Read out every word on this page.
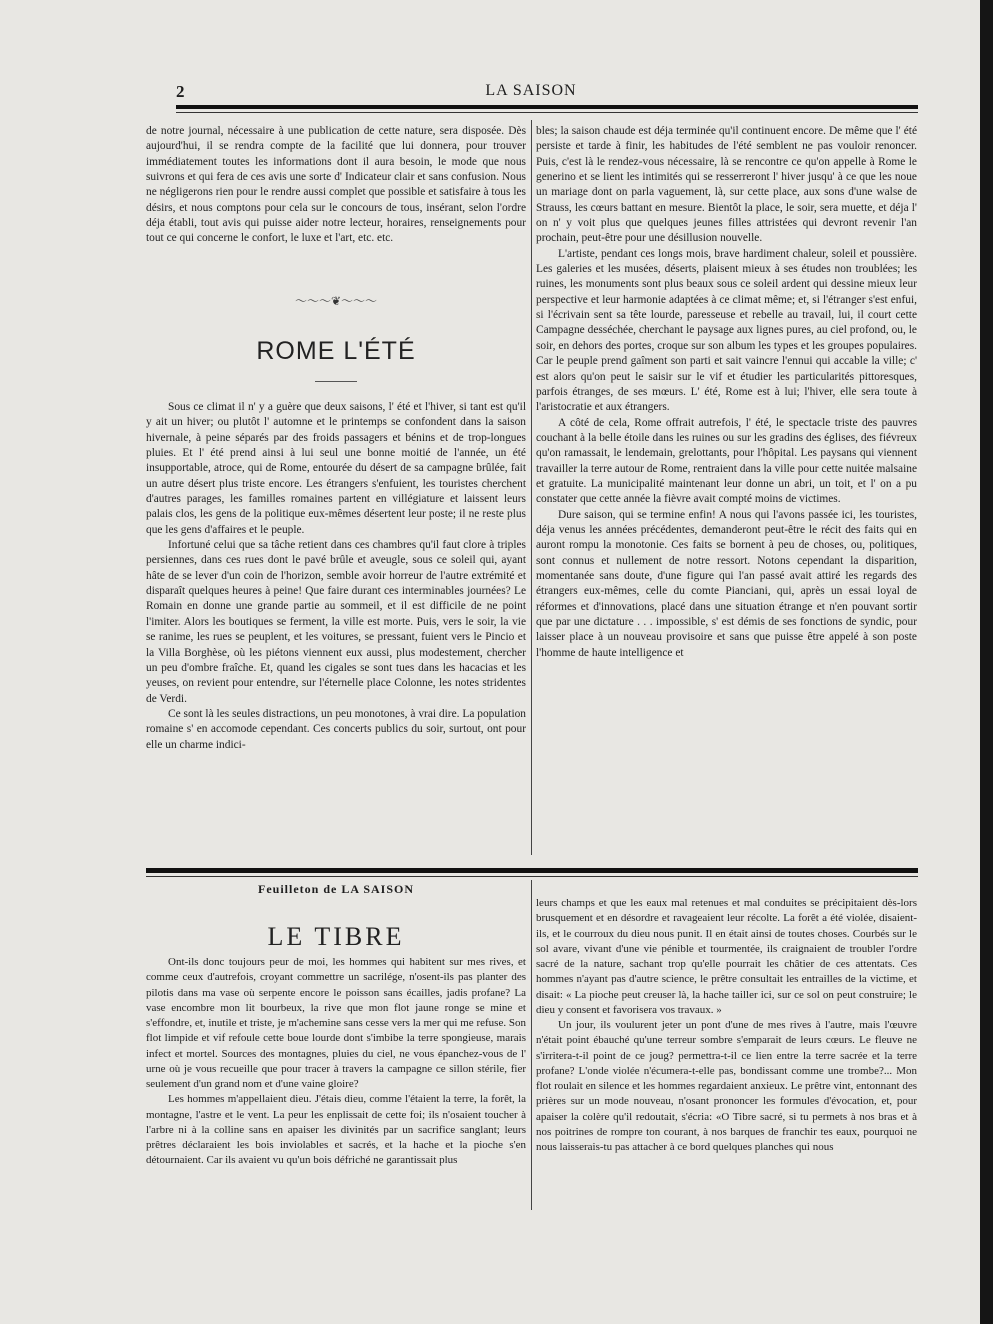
2	LA SAISON

de notre journal, nécessaire à une publication de cette nature, sera disposée. Dès aujourd'hui, il se rendra compte de la facilité que lui donnera, pour trouver immédiatement toutes les informations dont il aura besoin, le mode que nous suivrons et qui fera de ces avis une sorte d' Indicateur clair et sans confusion. Nous ne négligerons rien pour le rendre aussi complet que possible et satisfaire à tous les désirs, et nous comptons pour cela sur le concours de tous, insérant, selon l'ordre déja établi, tout avis qui puisse aider notre lecteur, horaires, renseignements pour tout ce qui concerne le confort, le luxe et l'art, etc. etc.

〜〜〜❦〜〜〜
ROME L'ÉTÉ

Sous ce climat il n' y a guère que deux saisons, l' été et l'hiver, si tant est qu'il y ait un hiver; ou plutôt l' automne et le printemps se confondent dans la saison hivernale, à peine séparés par des froids passagers et bénins et de trop-longues pluies. Et l' été prend ainsi à lui seul une bonne moitié de l'année, un été insupportable, atroce, qui de Rome, entourée du désert de sa campagne brûlée, fait un autre désert plus triste encore. Les étrangers s'enfuient, les touristes cherchent d'autres parages, les familles romaines partent en villégiature et laissent leurs palais clos, les gens de la politique eux-mêmes désertent leur poste; il ne reste plus que les gens d'affaires et le peuple.

Infortuné celui que sa tâche retient dans ces chambres qu'il faut clore à triples persiennes, dans ces rues dont le pavé brûle et aveugle, sous ce soleil qui, ayant hâte de se lever d'un coin de l'horizon, semble avoir horreur de l'autre extrémité et disparaît quelques heures à peine! Que faire durant ces interminables journées? Le Romain en donne une grande partie au sommeil, et il est difficile de ne point l'imiter. Alors les boutiques se ferment, la ville est morte. Puis, vers le soir, la vie se ranime, les rues se peuplent, et les voitures, se pressant, fuient vers le Pincio et la Villa Borghèse, où les piétons viennent eux aussi, plus modestement, chercher un peu d'ombre fraîche. Et, quand les cigales se sont tues dans les hacacias et les yeuses, on revient pour entendre, sur l'éternelle place Colonne, les notes stridentes de Verdi.

Ce sont là les seules distractions, un peu monotones, à vrai dire. La population romaine s' en accomode cependant. Ces concerts publics du soir, surtout, ont pour elle un charme indici-

bles; la saison chaude est déja terminée qu'il continuent encore. De même que l' été persiste et tarde à finir, les habitudes de l'été semblent ne pas vouloir renoncer. Puis, c'est là le rendez-vous nécessaire, là se rencontre ce qu'on appelle à Rome le generino et se lient les intimités qui se resserreront l' hiver jusqu' à ce que les noue un mariage dont on parla vaguement, là, sur cette place, aux sons d'une walse de Strauss, les cœurs battant en mesure. Bientôt la place, le soir, sera muette, et déja l' on n' y voit plus que quelques jeunes filles attristées qui devront revenir l'an prochain, peut-être pour une désillusion nouvelle.

L'artiste, pendant ces longs mois, brave hardiment chaleur, soleil et poussière. Les galeries et les musées, déserts, plaisent mieux à ses études non troublées; les ruines, les monuments sont plus beaux sous ce soleil ardent qui dessine mieux leur perspective et leur harmonie adaptées à ce climat même; et, si l'étranger s'est enfui, si l'écrivain sent sa tête lourde, paresseuse et rebelle au travail, lui, il court cette Campagne desséchée, cherchant le paysage aux lignes pures, au ciel profond, ou, le soir, en dehors des portes, croque sur son album les types et les groupes populaires. Car le peuple prend gaîment son parti et sait vaincre l'ennui qui accable la ville; c' est alors qu'on peut le saisir sur le vif et étudier les particularités pittoresques, parfois étranges, de ses mœurs. L' été, Rome est à lui; l'hiver, elle sera toute à l'aristocratie et aux étrangers.

A côté de cela, Rome offrait autrefois, l' été, le spectacle triste des pauvres couchant à la belle étoile dans les ruines ou sur les gradins des églises, des fiévreux qu'on ramassait, le lendemain, grelottants, pour l'hôpital. Les paysans qui viennent travailler la terre autour de Rome, rentraient dans la ville pour cette nuitée malsaine et gratuite. La municipalité maintenant leur donne un abri, un toit, et l' on a pu constater que cette année la fièvre avait compté moins de victimes.

Dure saison, qui se termine enfin! A nous qui l'avons passée ici, les touristes, déja venus les années précédentes, demanderont peut-être le récit des faits qui en auront rompu la monotonie. Ces faits se bornent à peu de choses, ou, politiques, sont connus et nullement de notre ressort. Notons cependant la disparition, momentanée sans doute, d'une figure qui l'an passé avait attiré les regards des étrangers eux-mêmes, celle du comte Pianciani, qui, après un essai loyal de réformes et d'innovations, placé dans une situation étrange et n'en pouvant sortir que par une dictature . . . impossible, s' est démis de ses fonctions de syndic, pour laisser place à un nouveau provisoire et sans que puisse être appelé à son poste l'homme de haute intelligence et

Feuilleton de LA SAISON
LE TIBRE

Ont-ils donc toujours peur de moi, les hommes qui habitent sur mes rives, et comme ceux d'autrefois, croyant commettre un sacrilége, n'osent-ils pas planter des pilotis dans ma vase où serpente encore le poisson sans écailles, jadis profane? La vase encombre mon lit bourbeux, la rive que mon flot jaune ronge se mine et s'effondre, et, inutile et triste, je m'achemine sans cesse vers la mer qui me refuse. Son flot limpide et vif refoule cette boue lourde dont s'imbibe la terre spongieuse, marais infect et mortel. Sources des montagnes, pluies du ciel, ne vous épanchez-vous de l' urne où je vous recueille que pour tracer à travers la campagne ce sillon stérile, fier seulement d'un grand nom et d'une vaine gloire?

Les hommes m'appellaient dieu. J'étais dieu, comme l'étaient la terre, la forêt, la montagne, l'astre et le vent. La peur les enplissait de cette foi; ils n'osaient toucher à l'arbre ni à la colline sans en apaiser les divinités par un sacrifice sanglant; leurs prêtres déclaraient les bois inviolables et sacrés, et la hache et la pioche s'en détournaient. Car ils avaient vu qu'un bois défriché ne garantissait plus

leurs champs et que les eaux mal retenues et mal conduites se précipitaient dès-lors brusquement et en désordre et ravageaient leur récolte. La forêt a été violée, disaient-ils, et le courroux du dieu nous punit. Il en était ainsi de toutes choses. Courbés sur le sol avare, vivant d'une vie pénible et tourmentée, ils craignaient de troubler l'ordre sacré de la nature, sachant trop qu'elle pourrait les châtier de ces attentats. Ces hommes n'ayant pas d'autre science, le prêtre consultait les entrailles de la victime, et disait: « La pioche peut creuser là, la hache tailler ici, sur ce sol on peut construire; le dieu y consent et favorisera vos travaux. »

Un jour, ils voulurent jeter un pont d'une de mes rives à l'autre, mais l'œuvre n'était point ébauché qu'une terreur sombre s'emparait de leurs cœurs. Le fleuve ne s'irritera-t-il point de ce joug? permettra-t-il ce lien entre la terre sacrée et la terre profane? L'onde violée n'écumera-t-elle pas, bondissant comme une trombe?... Mon flot roulait en silence et les hommes regardaient anxieux. Le prêtre vint, entonnant des prières sur un mode nouveau, n'osant prononcer les formules d'évocation, et, pour apaiser la colère qu'il redoutait, s'écria: «O Tibre sacré, si tu permets à nos bras et à nos poitrines de rompre ton courant, à nos barques de franchir tes eaux, pourquoi ne nous laisserais-tu pas attacher à ce bord quelques planches qui nous
